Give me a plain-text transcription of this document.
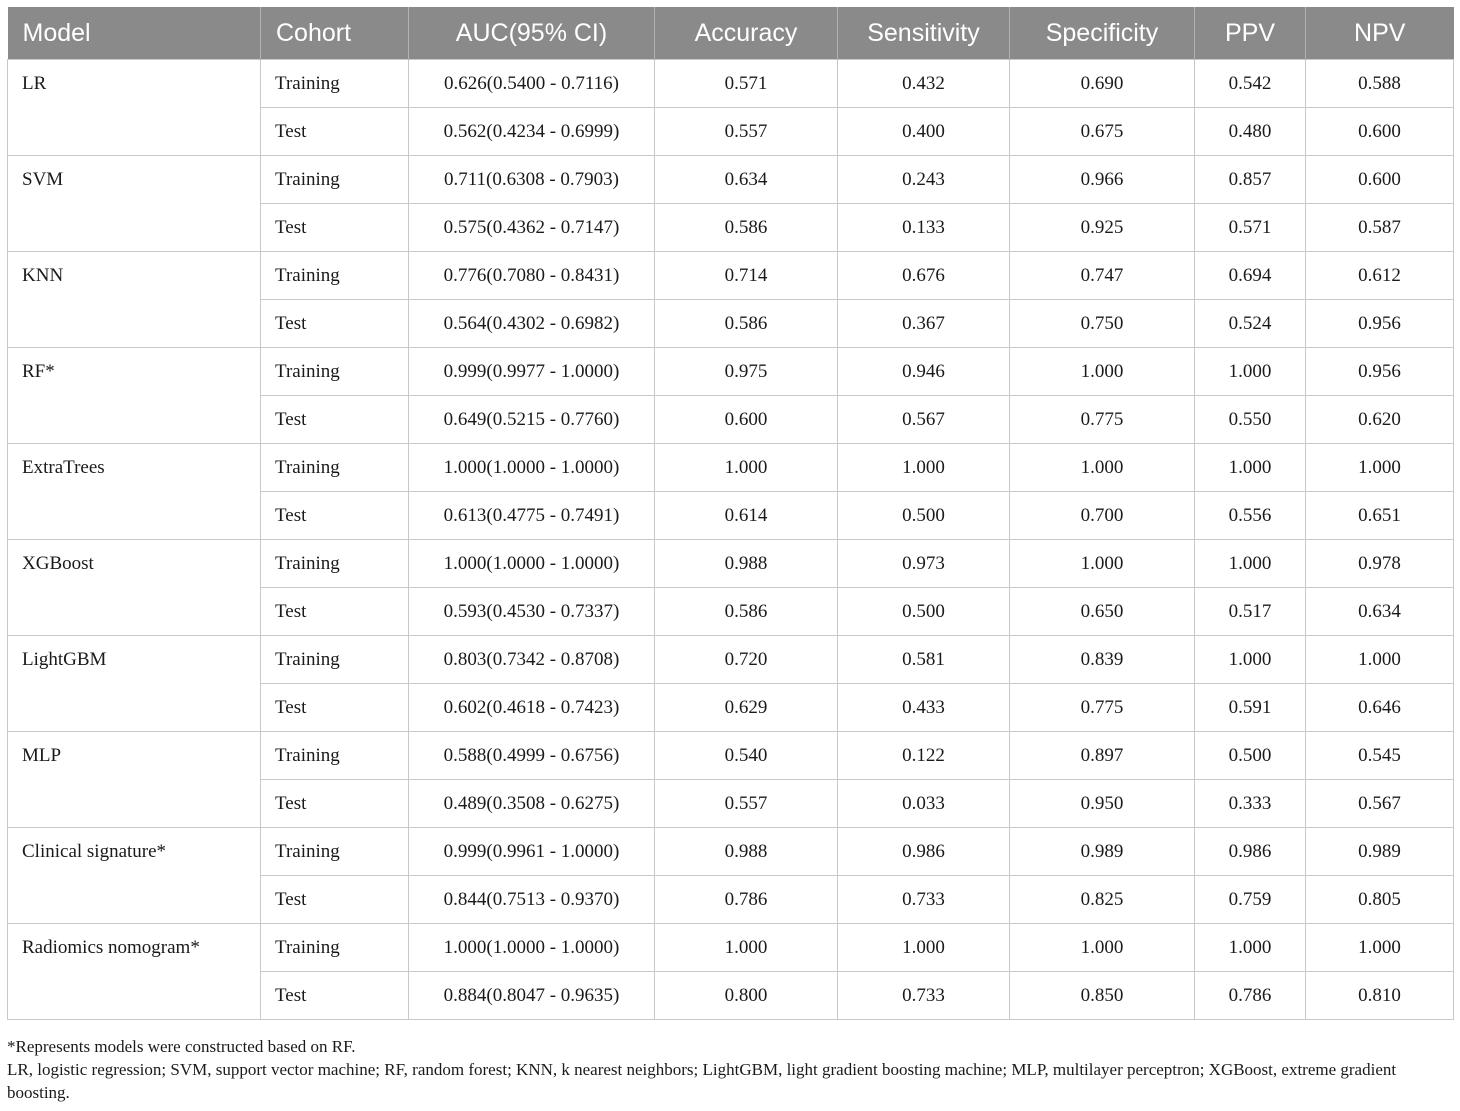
Model	Cohort	AUC(95% CI)	Accuracy	Sensitivity	Specificity	PPV	NPV
LR	Training	0.626(0.5400 - 0.7116)	0.571	0.432	0.690	0.542	0.588
	Test	0.562(0.4234 - 0.6999)	0.557	0.400	0.675	0.480	0.600
SVM	Training	0.711(0.6308 - 0.7903)	0.634	0.243	0.966	0.857	0.600
	Test	0.575(0.4362 - 0.7147)	0.586	0.133	0.925	0.571	0.587
KNN	Training	0.776(0.7080 - 0.8431)	0.714	0.676	0.747	0.694	0.612
	Test	0.564(0.4302 - 0.6982)	0.586	0.367	0.750	0.524	0.956
RF*	Training	0.999(0.9977 - 1.0000)	0.975	0.946	1.000	1.000	0.956
	Test	0.649(0.5215 - 0.7760)	0.600	0.567	0.775	0.550	0.620
ExtraTrees	Training	1.000(1.0000 - 1.0000)	1.000	1.000	1.000	1.000	1.000
	Test	0.613(0.4775 - 0.7491)	0.614	0.500	0.700	0.556	0.651
XGBoost	Training	1.000(1.0000 - 1.0000)	0.988	0.973	1.000	1.000	0.978
	Test	0.593(0.4530 - 0.7337)	0.586	0.500	0.650	0.517	0.634
LightGBM	Training	0.803(0.7342 - 0.8708)	0.720	0.581	0.839	1.000	1.000
	Test	0.602(0.4618 - 0.7423)	0.629	0.433	0.775	0.591	0.646
MLP	Training	0.588(0.4999 - 0.6756)	0.540	0.122	0.897	0.500	0.545
	Test	0.489(0.3508 - 0.6275)	0.557	0.033	0.950	0.333	0.567
Clinical signature*	Training	0.999(0.9961 - 1.0000)	0.988	0.986	0.989	0.986	0.989
	Test	0.844(0.7513 - 0.9370)	0.786	0.733	0.825	0.759	0.805
Radiomics nomogram*	Training	1.000(1.0000 - 1.0000)	1.000	1.000	1.000	1.000	1.000
	Test	0.884(0.8047 - 0.9635)	0.800	0.733	0.850	0.786	0.810

*Represents models were constructed based on RF.

LR, logistic regression; SVM, support vector machine; RF, random forest; KNN, k nearest neighbors; LightGBM, light gradient boosting machine; MLP, multilayer perceptron; XGBoost, extreme gradient boosting.
